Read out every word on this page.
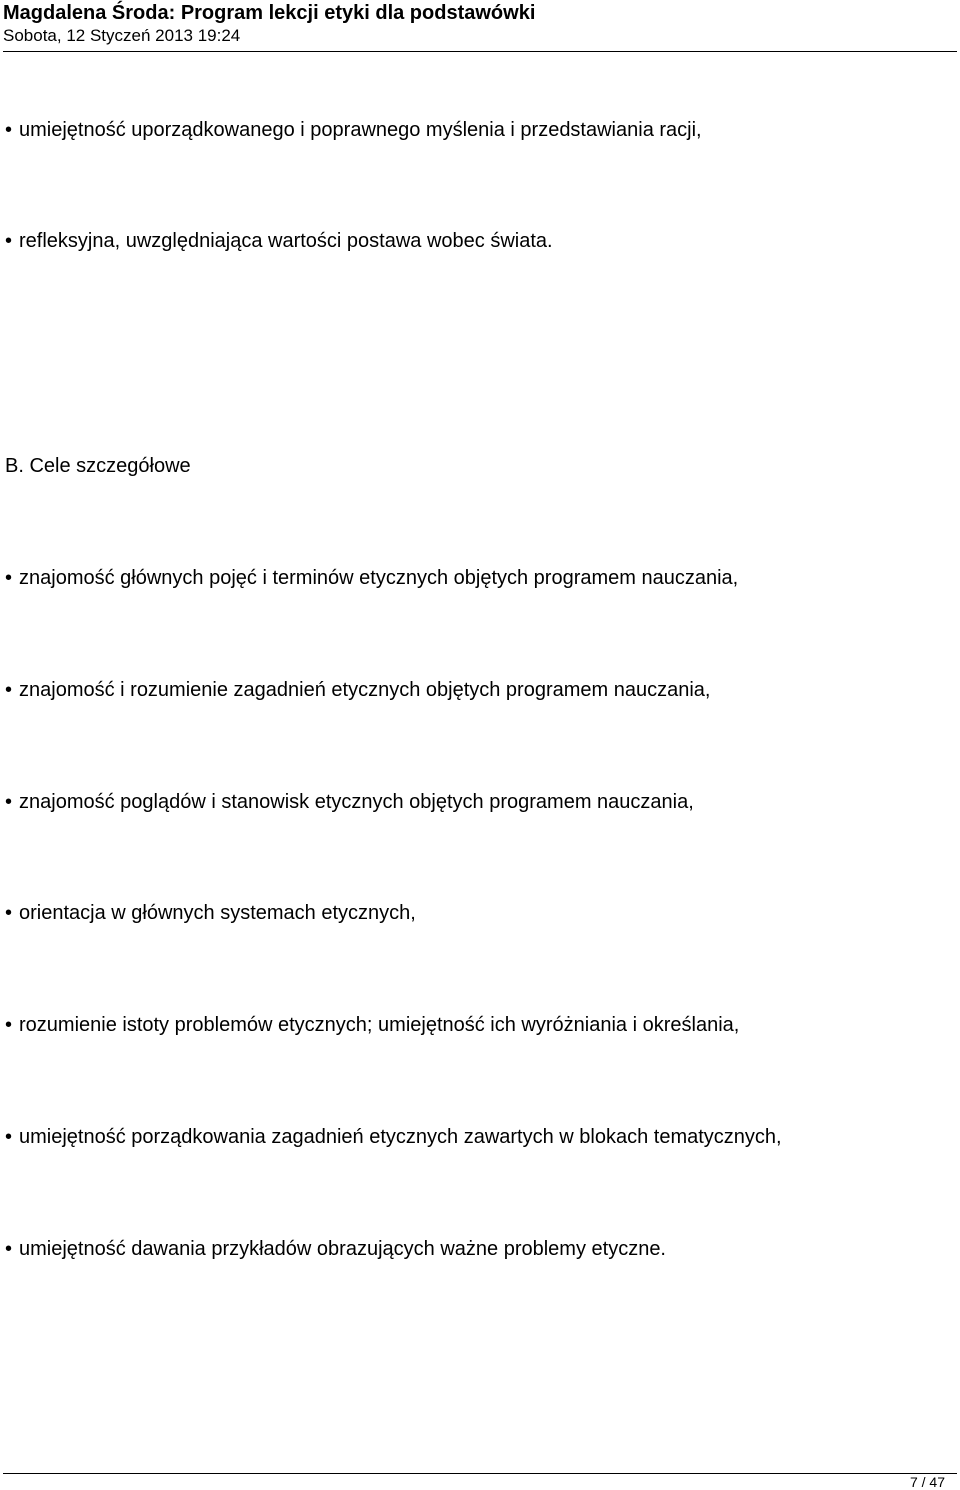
Magdalena Środa: Program lekcji etyki dla podstawówki
Sobota, 12 Styczeń 2013 19:24
• umiejętność uporządkowanego i poprawnego myślenia i przedstawiania racji,
• refleksyjna, uwzględniająca wartości postawa wobec świata.
B. Cele szczegółowe
• znajomość głównych pojęć i terminów etycznych objętych programem nauczania,
• znajomość i rozumienie zagadnień etycznych objętych programem nauczania,
• znajomość poglądów i stanowisk etycznych objętych programem nauczania,
• orientacja w głównych systemach etycznych,
• rozumienie istoty problemów etycznych; umiejętność ich wyróżniania i określania,
• umiejętność porządkowania zagadnień etycznych zawartych w blokach tematycznych,
• umiejętność dawania przykładów obrazujących ważne problemy etyczne.
7 / 47
